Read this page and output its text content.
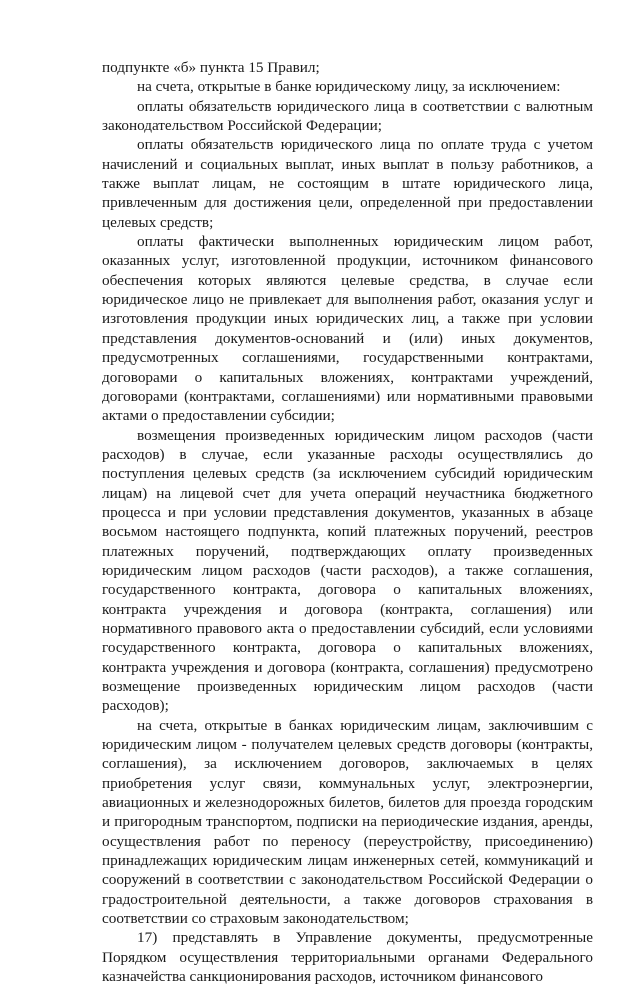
подпункте «б» пункта 15 Правил;

на счета, открытые в банке юридическому лицу, за исключением:

оплаты обязательств юридического лица в соответствии с валютным законодательством Российской Федерации;

оплаты обязательств юридического лица по оплате труда с учетом начислений и социальных выплат, иных выплат в пользу работников, а также выплат лицам, не состоящим в штате юридического лица, привлеченным для достижения цели, определенной при предоставлении целевых средств;

оплаты фактически выполненных юридическим лицом работ, оказанных услуг, изготовленной продукции, источником финансового обеспечения которых являются целевые средства, в случае если юридическое лицо не привлекает для выполнения работ, оказания услуг и изготовления продукции иных юридических лиц, а также при условии представления документов-оснований и (или) иных документов, предусмотренных соглашениями, государственными контрактами, договорами о капитальных вложениях, контрактами учреждений, договорами (контрактами, соглашениями) или нормативными правовыми актами о предоставлении субсидии;

возмещения произведенных юридическим лицом расходов (части расходов) в случае, если указанные расходы осуществлялись до поступления целевых средств (за исключением субсидий юридическим лицам) на лицевой счет для учета операций неучастника бюджетного процесса и при условии представления документов, указанных в абзаце восьмом настоящего подпункта, копий платежных поручений, реестров платежных поручений, подтверждающих оплату произведенных юридическим лицом расходов (части расходов), а также соглашения, государственного контракта, договора о капитальных вложениях, контракта учреждения и договора (контракта, соглашения) или нормативного правового акта о предоставлении субсидий, если условиями государственного контракта, договора о капитальных вложениях, контракта учреждения и договора (контракта, соглашения) предусмотрено возмещение произведенных юридическим лицом расходов (части расходов);

на счета, открытые в банках юридическим лицам, заключившим с юридическим лицом - получателем целевых средств договоры (контракты, соглашения), за исключением договоров, заключаемых в целях приобретения услуг связи, коммунальных услуг, электроэнергии, авиационных и железнодорожных билетов, билетов для проезда городским и пригородным транспортом, подписки на периодические издания, аренды, осуществления работ по переносу (переустройству, присоединению) принадлежащих юридическим лицам инженерных сетей, коммуникаций и сооружений в соответствии с законодательством Российской Федерации о градостроительной деятельности, а также договоров страхования в соответствии со страховым законодательством;

17) представлять в Управление документы, предусмотренные Порядком осуществления территориальными органами Федерального казначейства санкционирования расходов, источником финансового
